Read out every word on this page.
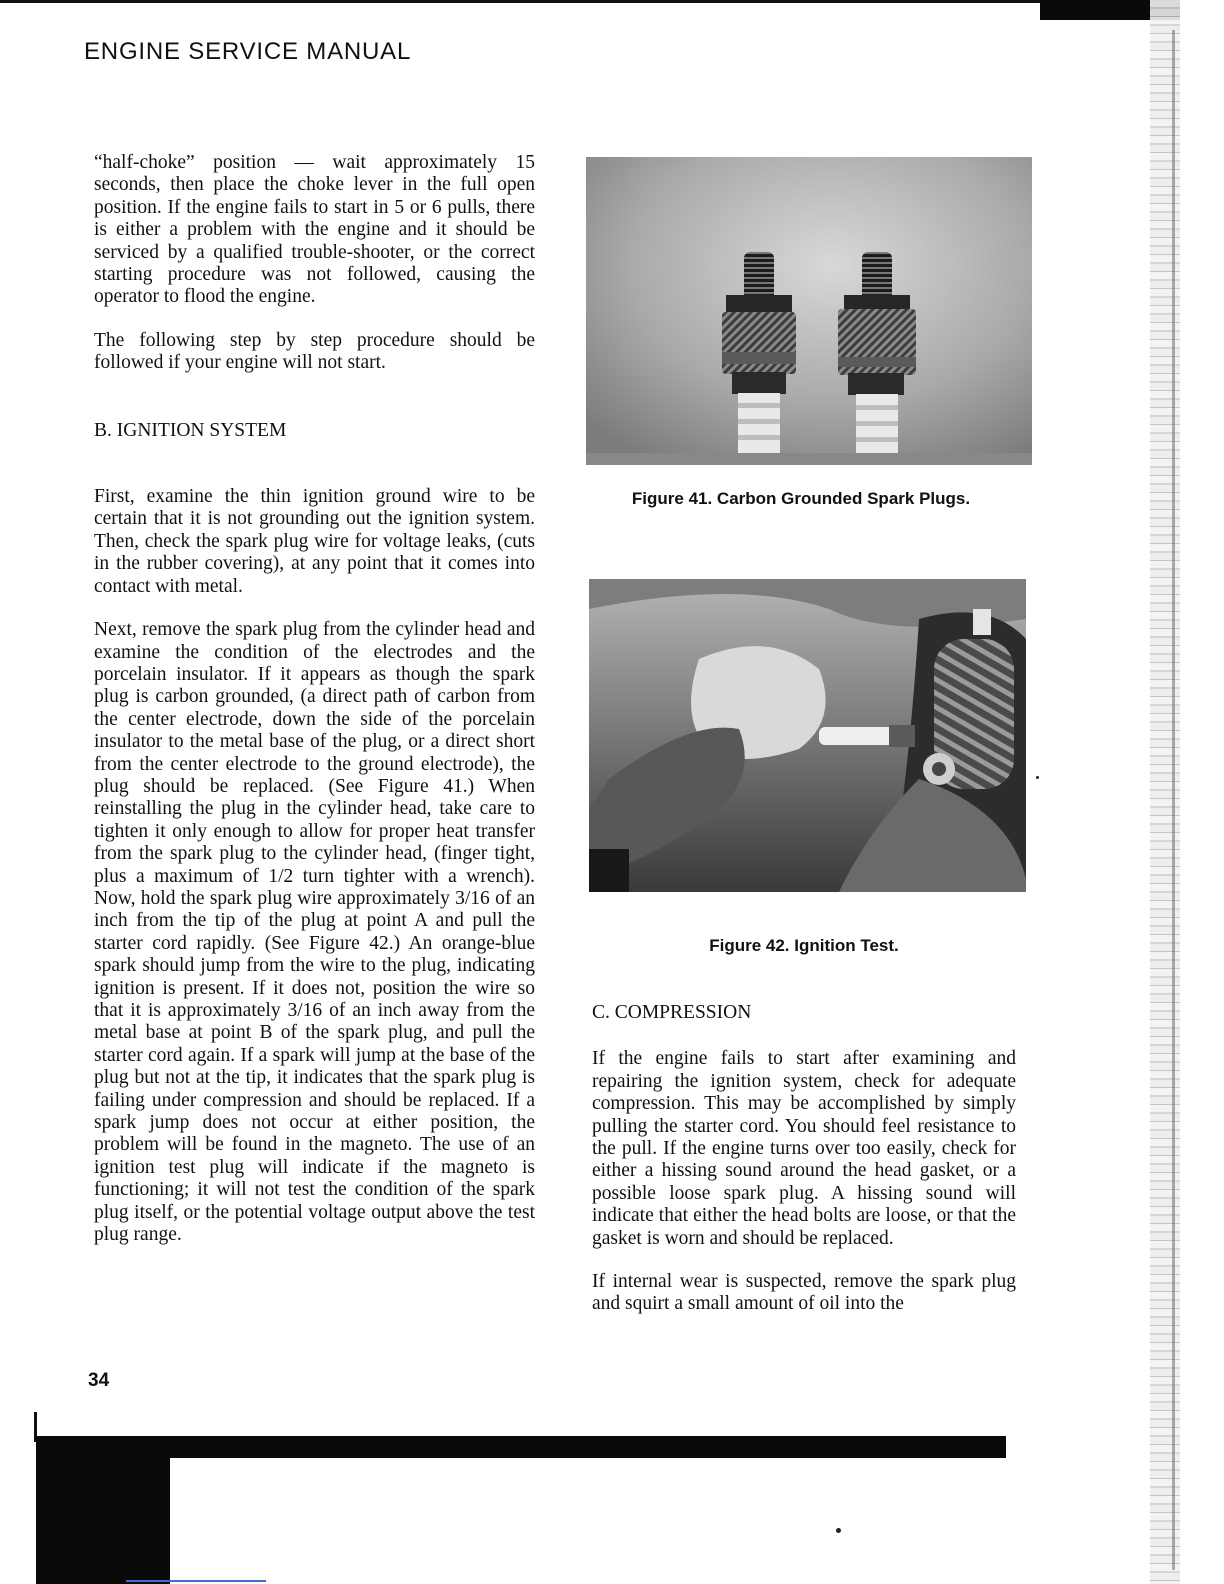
ENGINE SERVICE MANUAL

“half-choke” position — wait approximately 15 seconds, then place the choke lever in the full open position. If the engine fails to start in 5 or 6 pulls, there is either a problem with the engine and it should be serviced by a qualified trouble-shooter, or the correct starting procedure was not followed, causing the operator to flood the engine.

The following step by step procedure should be followed if your engine will not start.

B. IGNITION SYSTEM

First, examine the thin ignition ground wire to be certain that it is not grounding out the ignition system. Then, check the spark plug wire for voltage leaks, (cuts in the rubber covering), at any point that it comes into contact with metal.

Next, remove the spark plug from the cylinder head and examine the condition of the electrodes and the porcelain insulator. If it appears as though the spark plug is carbon grounded, (a direct path of carbon from the center electrode, down the side of the porcelain insulator to the metal base of the plug, or a direct short from the center electrode to the ground electrode), the plug should be replaced. (See Figure 41.) When reinstalling the plug in the cylinder head, take care to tighten it only enough to allow for proper heat transfer from the spark plug to the cylinder head, (finger tight, plus a maximum of 1/2 turn tighter with a wrench). Now, hold the spark plug wire approximately 3/16 of an inch from the tip of the plug at point A and pull the starter cord rapidly. (See Figure 42.) An orange-blue spark should jump from the wire to the plug, indicating ignition is present. If it does not, position the wire so that it is approximately 3/16 of an inch away from the metal base at point B of the spark plug, and pull the starter cord again. If a spark will jump at the base of the plug but not at the tip, it indicates that the spark plug is failing under compression and should be replaced. If a spark jump does not occur at either position, the problem will be found in the magneto. The use of an ignition test plug will indicate if the magneto is functioning; it will not test the condition of the spark plug itself, or the potential voltage output above the test plug range.

Figure 41. Carbon Grounded Spark Plugs.
Figure 42. Ignition Test.
C. COMPRESSION

If the engine fails to start after examining and repairing the ignition system, check for adequate compression. This may be accomplished by simply pulling the starter cord. You should feel resistance to the pull. If the engine turns over too easily, check for either a hissing sound around the head gasket, or a possible loose spark plug. A hissing sound will indicate that either the head bolts are loose, or that the gasket is worn and should be replaced.

If internal wear is suspected, remove the spark plug and squirt a small amount of oil into the

34
